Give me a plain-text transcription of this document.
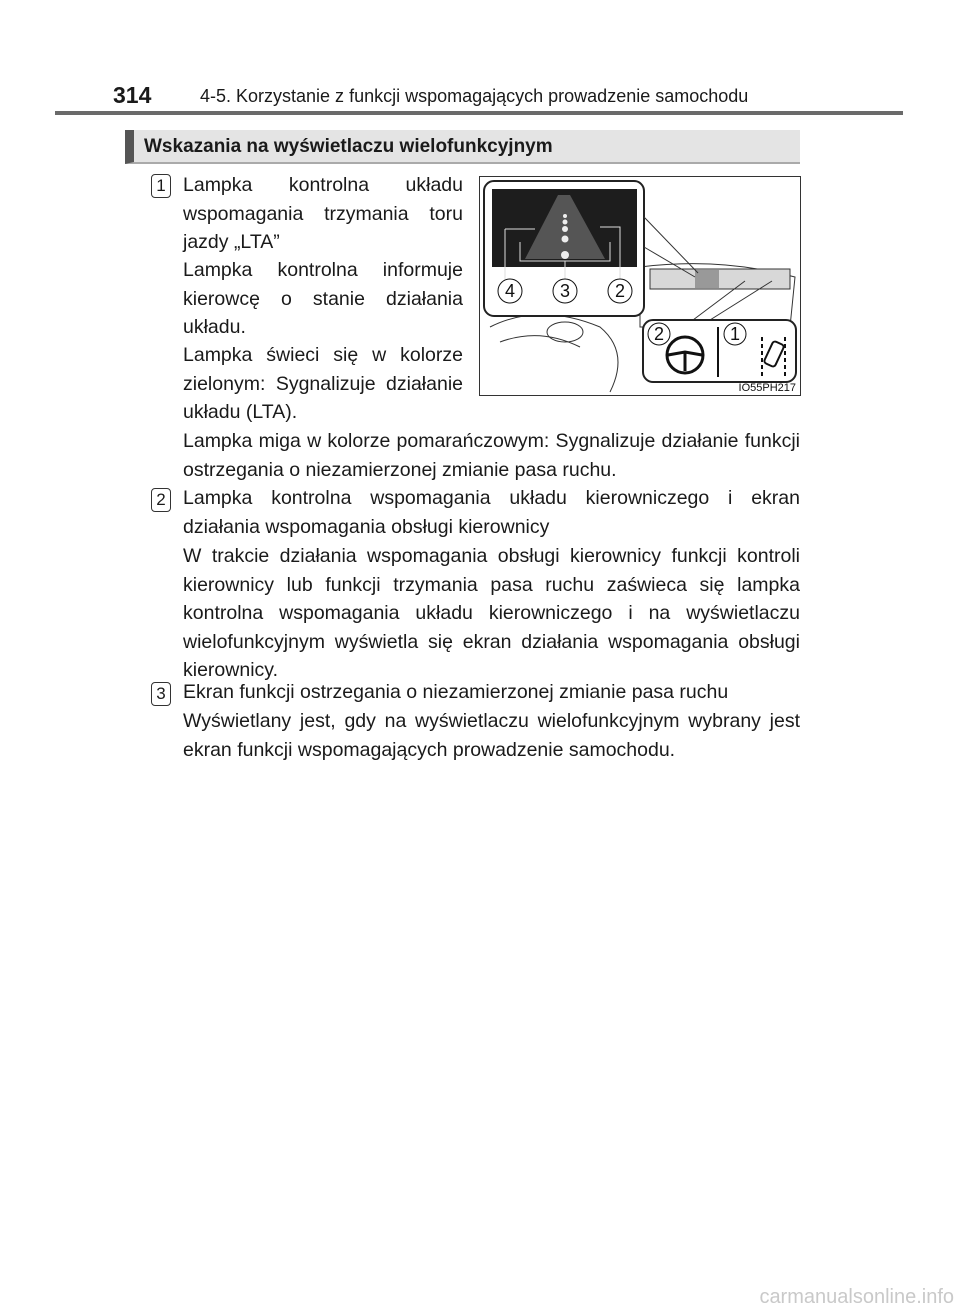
314	4-5. Korzystanie z funkcji wspomagających prowadzenie samochodu
Wskazania na wyświetlaczu wielofunkcyjnym
1 Lampka kontrolna układu wspomagania trzymania toru jazdy „LTA”
Lampka kontrolna informuje kierowcę o stanie działania układu.
Lampka świeci się w kolorze zielonym: Sygnalizuje działanie układu (LTA).
Lampka miga w kolorze pomarańczowym: Sygnalizuje działanie funkcji ostrzegania o niezamierzonej zmianie pasa ruchu.
2 Lampka kontrolna wspomagania układu kierowniczego i ekran działania wspomagania obsługi kierownicy
W trakcie działania wspomagania obsługi kierownicy funkcji kontroli kierownicy lub funkcji trzymania pasa ruchu zaświeca się lampka kontrolna wspomagania układu kierowniczego i na wyświetlaczu wielofunkcyjnym wyświetla się ekran działania wspomagania obsługi kierownicy.
3 Ekran funkcji ostrzegania o niezamierzonej zmianie pasa ruchu
Wyświetlany jest, gdy na wyświetlaczu wielofunkcyjnym wybrany jest ekran funkcji wspomagających prowadzenie samochodu.
4 3 2
2	1
IO55PH217
carmanualsonline.info
